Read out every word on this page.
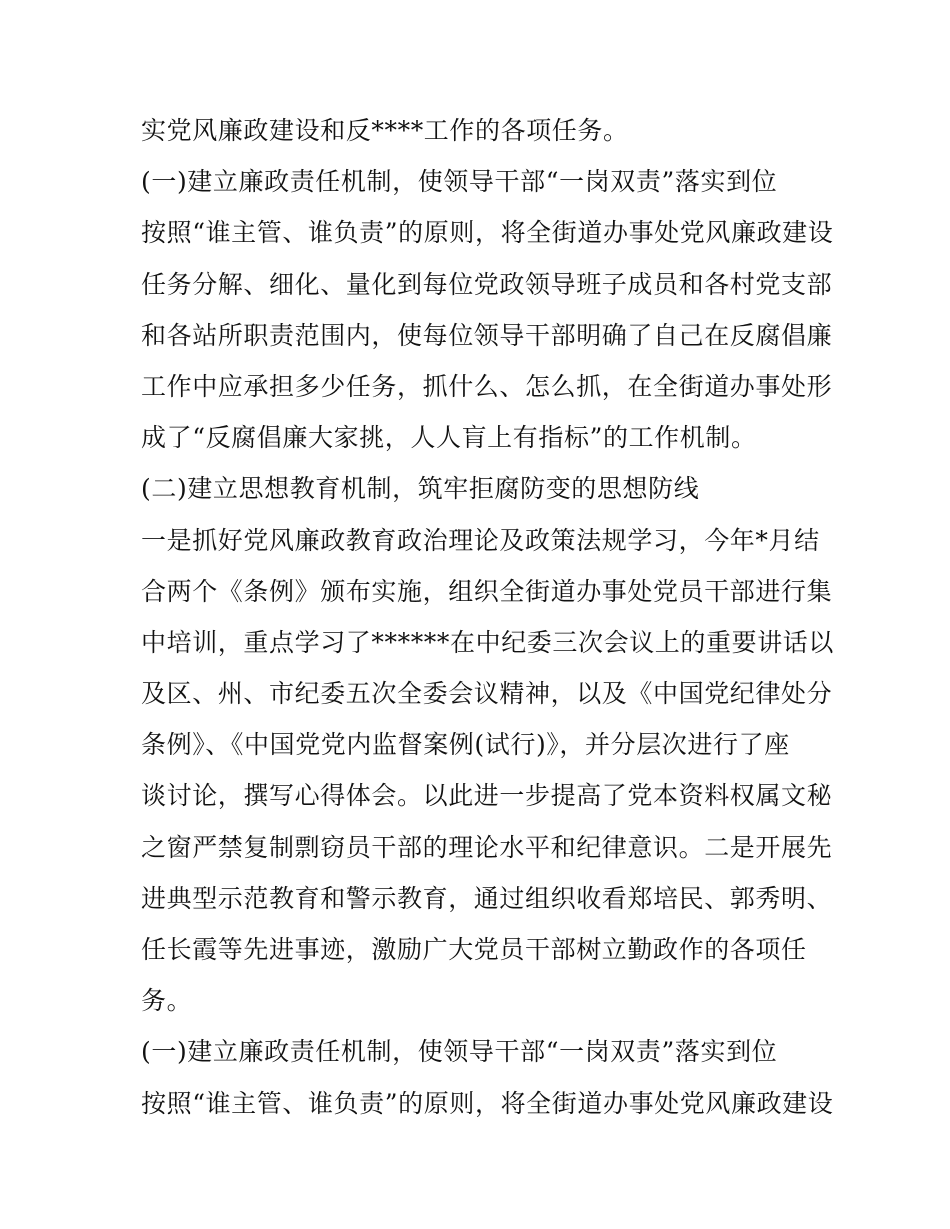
实党风廉政建设和反****工作的各项任务。
(一)建立廉政责任机制，使领导干部“一岗双责”落实到位
按照“谁主管、谁负责”的原则，将全街道办事处党风廉政建设
任务分解、细化、量化到每位党政领导班子成员和各村党支部
和各站所职责范围内，使每位领导干部明确了自己在反腐倡廉
工作中应承担多少任务，抓什么、怎么抓，在全街道办事处形
成了“反腐倡廉大家挑，人人肓上有指标”的工作机制。
(二)建立思想教育机制，筑牢拒腐防变的思想防线
一是抓好党风廉政教育政治理论及政策法规学习，今年*月结
合两个《条例》颁布实施，组织全街道办事处党员干部进行集
中培训，重点学习了******在中纪委三次会议上的重要讲话以
及区、州、市纪委五次全委会议精神，以及《中国党纪律处分
条例》、《中国党党内监督案例(试行)》，并分层次进行了座
谈讨论，撰写心得体会。以此进一步提高了党本资料权属文秘
之窗严禁复制剽窃员干部的理论水平和纪律意识。二是开展先
进典型示范教育和警示教育，通过组织收看郑培民、郭秀明、
任长霞等先进事迹，激励广大党员干部树立勤政作的各项任
务。
(一)建立廉政责任机制，使领导干部“一岗双责”落实到位
按照“谁主管、谁负责”的原则，将全街道办事处党风廉政建设
